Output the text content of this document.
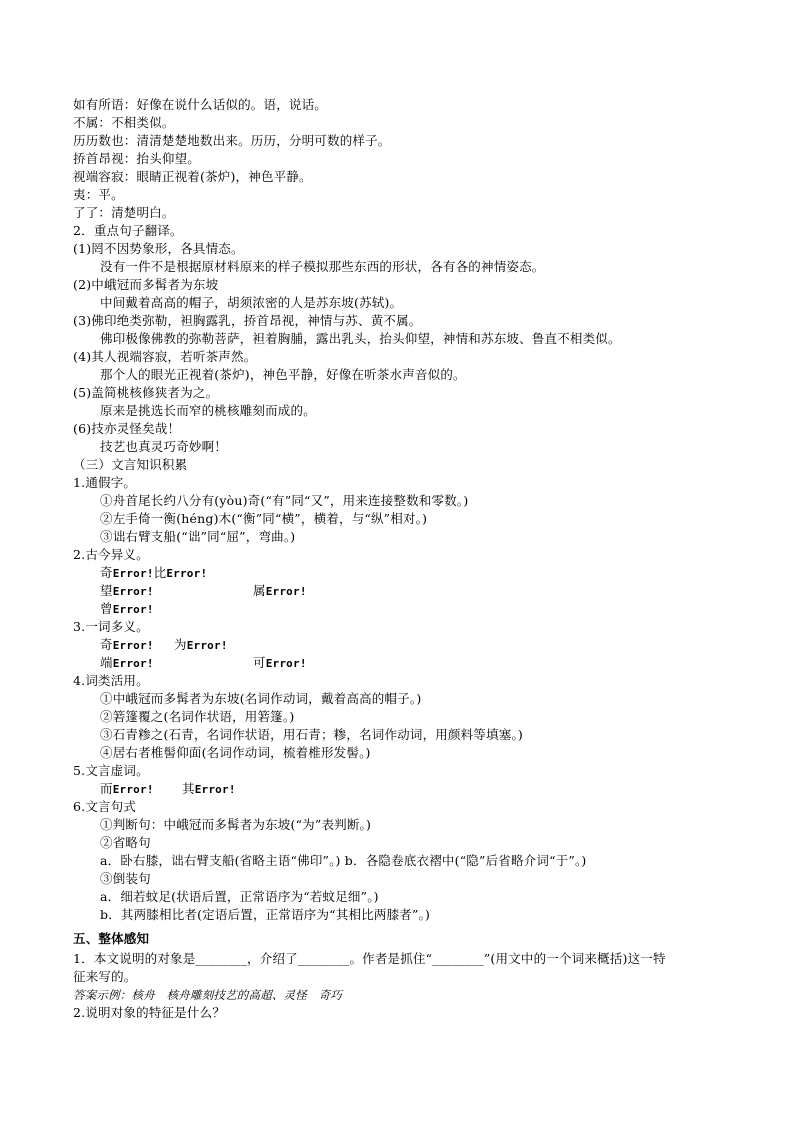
如有所语：好像在说什么话似的。语，说话。
不属：不相类似。
历历数也：清清楚楚地数出来。历历，分明可数的样子。
挢首昂视：抬头仰望。
视端容寂：眼睛正视着(茶炉)，神色平静。
夷：平。
了了：清楚明白。
2．重点句子翻译。
(1)罔不因势象形，各具情态。
没有一件不是根据原材料原来的样子模拟那些东西的形状，各有各的神情姿态。
(2)中峨冠而多髯者为东坡
中间戴着高高的帽子，胡须浓密的人是苏东坡(苏轼)。
(3)佛印绝类弥勒，袒胸露乳，挢首昂视，神情与苏、黄不属。
佛印极像佛教的弥勒菩萨，袒着胸脯，露出乳头，抬头仰望，神情和苏东坡、鲁直不相类似。
(4)其人视端容寂，若听茶声然。
那个人的眼光正视着(茶炉)，神色平静，好像在听茶水声音似的。
(5)盖简桃核修狭者为之。
原来是挑选长而窄的桃核雕刻而成的。
(6)技亦灵怪矣哉！
技艺也真灵巧奇妙啊！
（三）文言知识积累
1.通假字。
①舟首尾长约八分有(yòu)奇(“有”同“又”，用来连接整数和零数。)
②左手倚一衡(héng)木(“衡”同“横”，横着，与“纵”相对。)
③诎右臂支船(“诎”同“屈”，弯曲。)
2.古今异义。
奇Error!比Error!
望Error!	属Error!
曾Error!
3.一词多义。
奇Error! 为Error!
端Error!	可Error!
4.词类活用。
①中峨冠而多髯者为东坡(名词作动词，戴着高高的帽子。)
②箬篷覆之(名词作状语，用箬篷。)
③石青糁之(石青，名词作状语，用石青；糁，名词作动词，用颜料等填塞。)
④居右者椎髻仰面(名词作动词，梳着椎形发髻。)
5.文言虚词。
而Error! 其Error!
6.文言句式
①判断句：中峨冠而多髯者为东坡(“为”表判断。)
②省略句
a．卧右膝，诎右臂支船(省略主语“佛印”。) b．各隐卷底衣褶中(“隐”后省略介词“于”。)
③倒装句
a．细若蚊足(状语后置，正常语序为“若蚊足细”。)
b．其两膝相比者(定语后置，正常语序为“其相比两膝者”。)
五、整体感知
1．本文说明的对象是________，介绍了________。作者是抓住“________”(用文中的一个词来概括)这一特
征来写的。
答案示例：核舟　核舟雕刻技艺的高超、灵怪　奇巧
2.说明对象的特征是什么？
